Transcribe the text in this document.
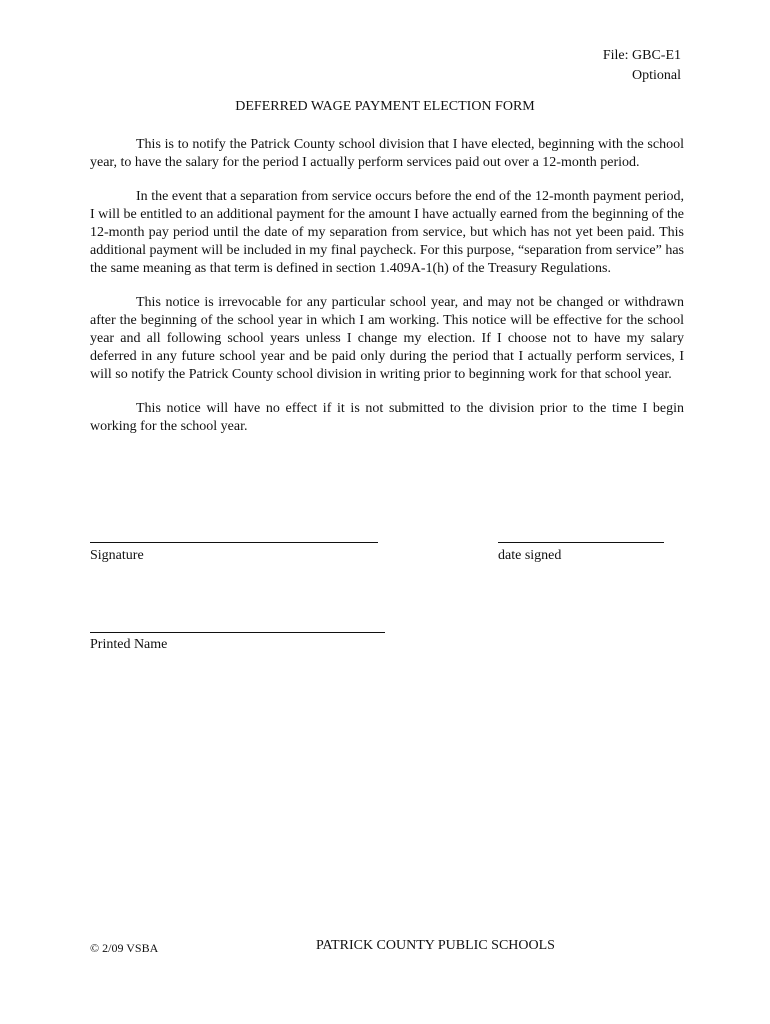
File: GBC-E1
Optional
DEFERRED WAGE PAYMENT ELECTION FORM

This is to notify the Patrick County school division that I have elected, beginning with the school year, to have the salary for the period I actually perform services paid out over a 12-month period.

In the event that a separation from service occurs before the end of the 12-month payment period, I will be entitled to an additional payment for the amount I have actually earned from the beginning of the 12-month pay period until the date of my separation from service, but which has not yet been paid. This additional payment will be included in my final paycheck. For this purpose, “separation from service” has the same meaning as that term is defined in section 1.409A-1(h) of the Treasury Regulations.

This notice is irrevocable for any particular school year, and may not be changed or withdrawn after the beginning of the school year in which I am working. This notice will be effective for the school year and all following school years unless I change my election. If I choose not to have my salary deferred in any future school year and be paid only during the period that I actually perform services, I will so notify the Patrick County school division in writing prior to beginning work for that school year.

This notice will have no effect if it is not submitted to the division prior to the time I begin working for the school year.

Signature	date signed
Printed Name
© 2/09 VSBA	PATRICK COUNTY PUBLIC SCHOOLS
